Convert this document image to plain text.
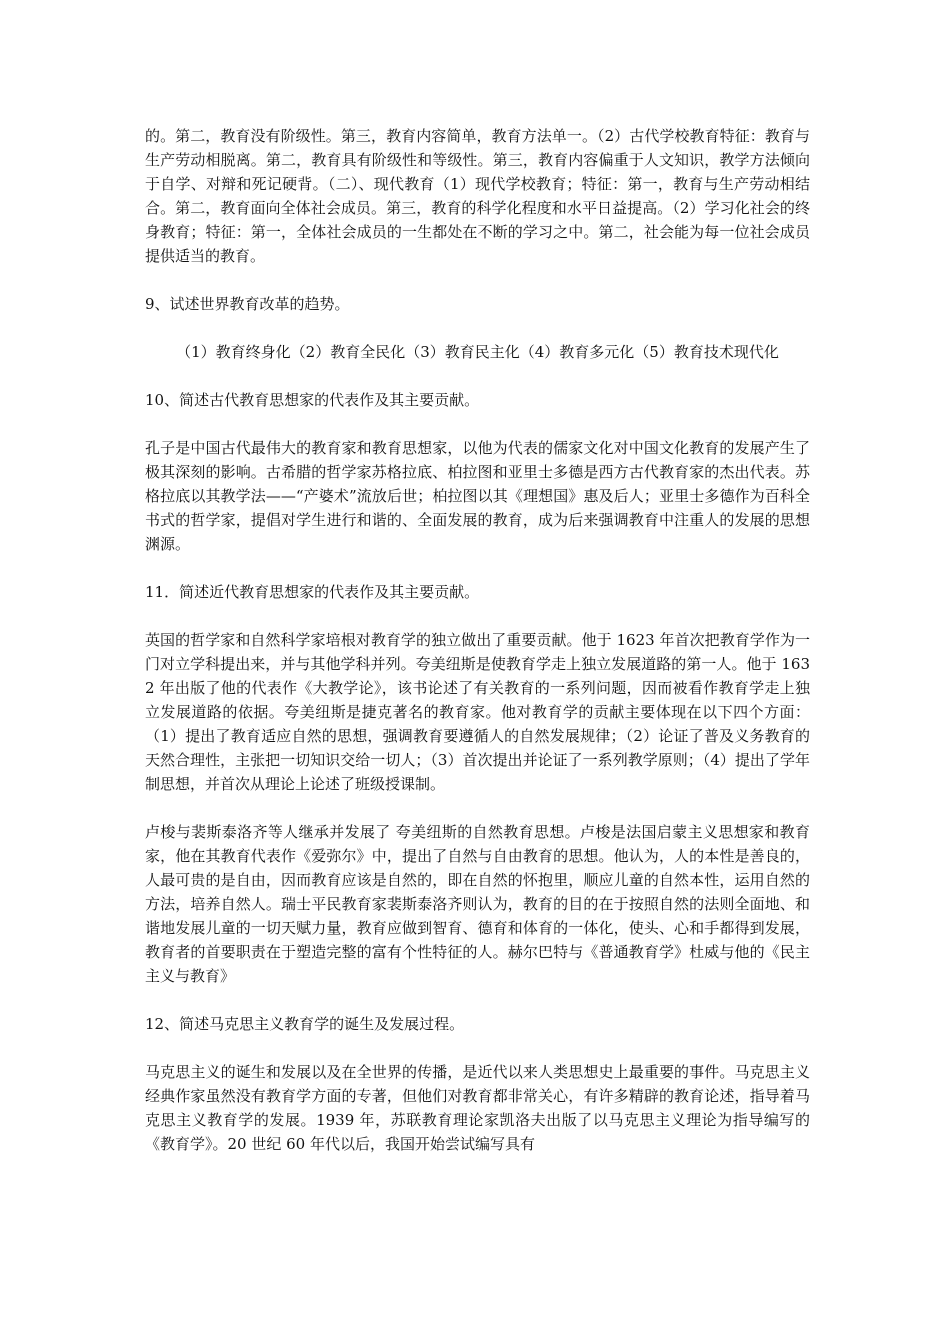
的。第二，教育没有阶级性。第三，教育内容简单，教育方法单一。（2）古代学校教育特征：教育与生产劳动相脱离。第二，教育具有阶级性和等级性。第三，教育内容偏重于人文知识，教学方法倾向于自学、对辩和死记硬背。（二）、现代教育（1）现代学校教育；特征：第一，教育与生产劳动相结合。第二，教育面向全体社会成员。第三，教育的科学化程度和水平日益提高。（2）学习化社会的终身教育；特征：第一，全体社会成员的一生都处在不断的学习之中。第二，社会能为每一位社会成员提供适当的教育。

9、试述世界教育改革的趋势。

（1）教育终身化（2）教育全民化（3）教育民主化（4）教育多元化（5）教育技术现代化

10、简述古代教育思想家的代表作及其主要贡献。

孔子是中国古代最伟大的教育家和教育思想家，以他为代表的儒家文化对中国文化教育的发展产生了极其深刻的影响。古希腊的哲学家苏格拉底、柏拉图和亚里士多德是西方古代教育家的杰出代表。苏格拉底以其教学法——“产婆术”流放后世；柏拉图以其《理想国》惠及后人；亚里士多德作为百科全书式的哲学家，提倡对学生进行和谐的、全面发展的教育，成为后来强调教育中注重人的发展的思想渊源。

11．简述近代教育思想家的代表作及其主要贡献。

英国的哲学家和自然科学家培根对教育学的独立做出了重要贡献。他于 1623 年首次把教育学作为一门对立学科提出来，并与其他学科并列。夸美纽斯是使教育学走上独立发展道路的第一人。他于 1632 年出版了他的代表作《大教学论》，该书论述了有关教育的一系列问题，因而被看作教育学走上独立发展道路的依据。夸美纽斯是捷克著名的教育家。他对教育学的贡献主要体现在以下四个方面：（1）提出了教育适应自然的思想，强调教育要遵循人的自然发展规律；（2）论证了普及义务教育的天然合理性，主张把一切知识交给一切人；（3）首次提出并论证了一系列教学原则；（4）提出了学年制思想，并首次从理论上论述了班级授课制。

卢梭与裴斯泰洛齐等人继承并发展了 夸美纽斯的自然教育思想。卢梭是法国启蒙主义思想家和教育家，他在其教育代表作《爱弥尔》中，提出了自然与自由教育的思想。他认为，人的本性是善良的，人最可贵的是自由，因而教育应该是自然的，即在自然的怀抱里，顺应儿童的自然本性，运用自然的方法，培养自然人。瑞士平民教育家裴斯泰洛齐则认为，教育的目的在于按照自然的法则全面地、和谐地发展儿童的一切天赋力量，教育应做到智育、德育和体育的一体化，使头、心和手都得到发展，教育者的首要职责在于塑造完整的富有个性特征的人。赫尔巴特与《普通教育学》杜威与他的《民主主义与教育》

12、简述马克思主义教育学的诞生及发展过程。

马克思主义的诞生和发展以及在全世界的传播，是近代以来人类思想史上最重要的事件。马克思主义经典作家虽然没有教育学方面的专著，但他们对教育都非常关心，有许多精辟的教育论述，指导着马克思主义教育学的发展。1939 年，苏联教育理论家凯洛夫出版了以马克思主义理论为指导编写的《教育学》。20 世纪 60 年代以后，我国开始尝试编写具有
